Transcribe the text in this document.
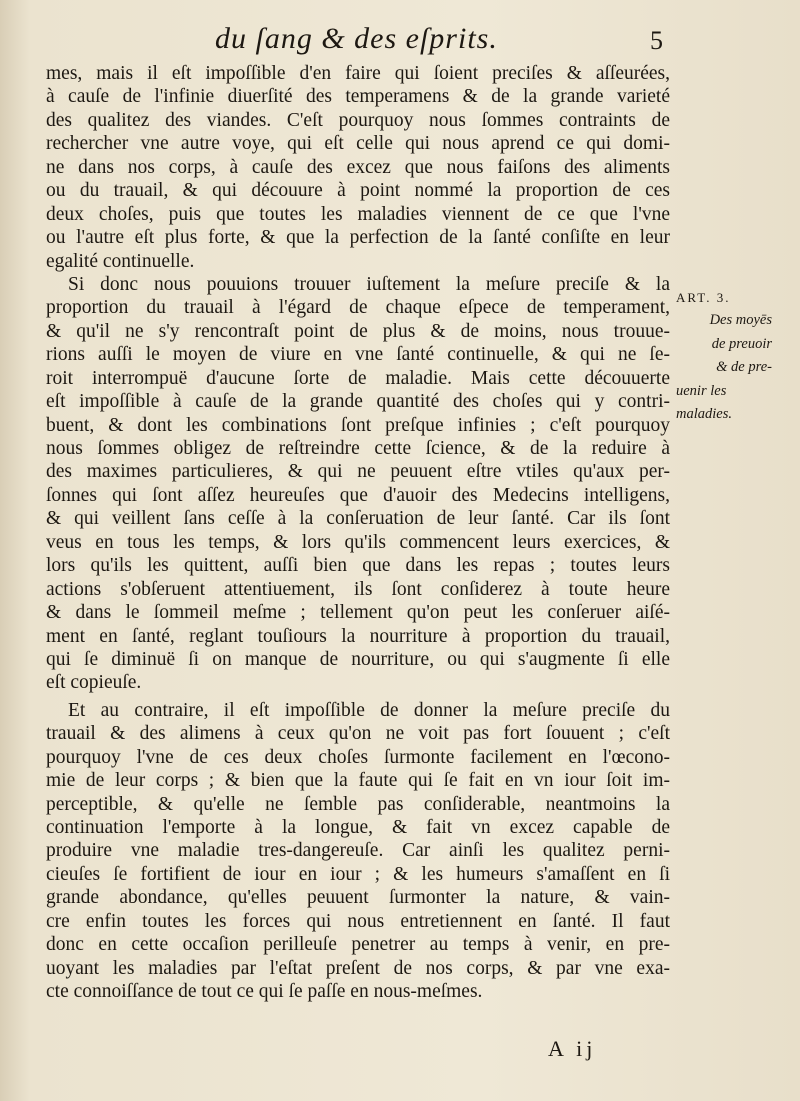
du ſang & des eſprits.	5
mes, mais il eſt impoſſible d'en faire qui ſoient preciſes & aſſeurées,
à cauſe de l'infinie diuerſité des temperamens & de la grande varieté
des qualitez des viandes. C'eſt pourquoy nous ſommes contraints de
rechercher vne autre voye, qui eſt celle qui nous aprend ce qui domi-
ne dans nos corps, à cauſe des excez que nous faiſons des aliments
ou du trauail, & qui découure à point nommé la proportion de ces
deux choſes, puis que toutes les maladies viennent de ce que l'vne
ou l'autre eſt plus forte, & que la perfection de la ſanté conſiſte en leur
egalité continuelle.
Si donc nous pouuions trouuer iuſtement la meſure preciſe & la
proportion du trauail à l'égard de chaque eſpece de temperament,
& qu'il ne s'y rencontraſt point de plus & de moins, nous trouue-
rions auſſi le moyen de viure en vne ſanté continuelle, & qui ne ſe-
roit interrompuë d'aucune ſorte de maladie. Mais cette découuerte
eſt impoſſible à cauſe de la grande quantité des choſes qui y contri-
buent, & dont les combinations ſont preſque infinies ; c'eſt pourquoy
nous ſommes obligez de reſtreindre cette ſcience, & de la reduire à
des maximes particulieres, & qui ne peuuent eſtre vtiles qu'aux per-
ſonnes qui ſont aſſez heureuſes que d'auoir des Medecins intelligens,
& qui veillent ſans ceſſe à la conſeruation de leur ſanté. Car ils ſont
veus en tous les temps, & lors qu'ils commencent leurs exercices, &
lors qu'ils les quittent, auſſi bien que dans les repas ; toutes leurs
actions s'obſeruent attentiuement, ils ſont conſiderez à toute heure
& dans le ſommeil meſme ; tellement qu'on peut les conſeruer aiſé-
ment en ſanté, reglant touſiours la nourriture à proportion du trauail,
qui ſe diminuë ſi on manque de nourriture, ou qui s'augmente ſi elle
eſt copieuſe.
Et au contraire, il eſt impoſſible de donner la meſure preciſe du
trauail & des alimens à ceux qu'on ne voit pas fort ſouuent ; c'eſt
pourquoy l'vne de ces deux choſes ſurmonte facilement en l'œcono-
mie de leur corps ; & bien que la faute qui ſe fait en vn iour ſoit im-
perceptible, & qu'elle ne ſemble pas conſiderable, neantmoins la
continuation l'emporte à la longue, & fait vn excez capable de
produire vne maladie tres-dangereuſe. Car ainſi les qualitez perni-
cieuſes ſe fortifient de iour en iour ; & les humeurs s'amaſſent en ſi
grande abondance, qu'elles peuuent ſurmonter la nature, & vain-
cre enfin toutes les forces qui nous entretiennent en ſanté. Il faut
donc en cette occaſion perilleuſe penetrer au temps à venir, en pre-
uoyant les maladies par l'eſtat preſent de nos corps, & par vne exa-
cte connoiſſance de tout ce qui ſe paſſe en nous-meſmes.
ART. 3.
Des moyēs
de preuoir
& de pre-
uenir les
maladies.
A ij
